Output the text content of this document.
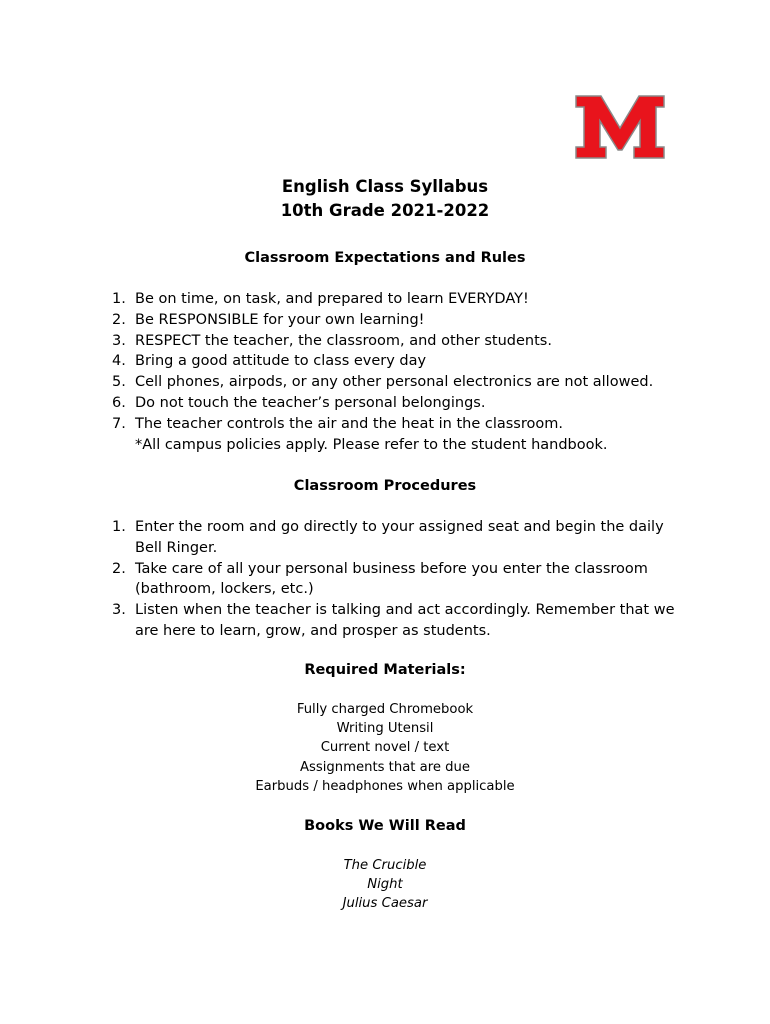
English Class Syllabus
10th Grade 2021-2022
Classroom Expectations and Rules
1. Be on time, on task, and prepared to learn EVERYDAY!
2. Be RESPONSIBLE for your own learning!
3. RESPECT the teacher, the classroom, and other students.
4. Bring a good attitude to class every day
5. Cell phones, airpods, or any other personal electronics are not allowed.
6. Do not touch the teacher’s personal belongings.
7. The teacher controls the air and the heat in the classroom.
*All campus policies apply. Please refer to the student handbook.
Classroom Procedures
1. Enter the room and go directly to your assigned seat and begin the daily Bell Ringer.
2. Take care of all your personal business before you enter the classroom (bathroom, lockers, etc.)
3. Listen when the teacher is talking and act accordingly. Remember that we are here to learn, grow, and prosper as students.
Required Materials:
Fully charged Chromebook
Writing Utensil
Current novel / text
Assignments that are due
Earbuds / headphones when applicable
Books We Will Read
The Crucible
Night
Julius Caesar
